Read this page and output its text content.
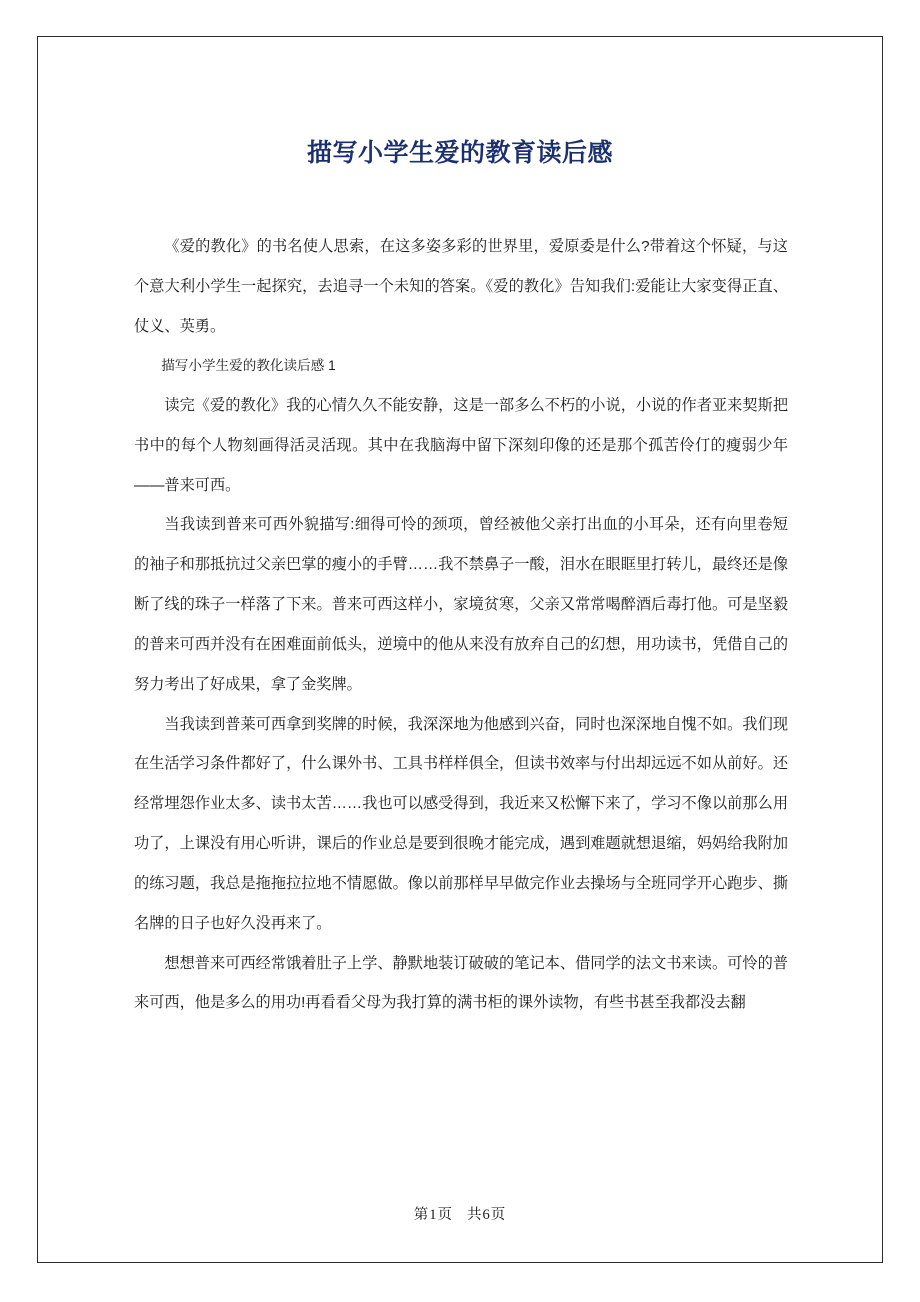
描写小学生爱的教育读后感

《爱的教化》的书名使人思索，在这多姿多彩的世界里，爱原委是什么?带着这个怀疑，与这个意大利小学生一起探究，去追寻一个未知的答案。《爱的教化》告知我们:爱能让大家变得正直、仗义、英勇。

描写小学生爱的教化读后感 1

读完《爱的教化》我的心情久久不能安静，这是一部多么不朽的小说，小说的作者亚来契斯把书中的每个人物刻画得活灵活现。其中在我脑海中留下深刻印像的还是那个孤苦伶仃的瘦弱少年——普来可西。

当我读到普来可西外貌描写:细得可怜的颈项，曾经被他父亲打出血的小耳朵，还有向里卷短的袖子和那抵抗过父亲巴掌的瘦小的手臂……我不禁鼻子一酸，泪水在眼眶里打转儿，最终还是像断了线的珠子一样落了下来。普来可西这样小，家境贫寒，父亲又常常喝醉酒后毒打他。可是坚毅的普来可西并没有在困难面前低头，逆境中的他从来没有放弃自己的幻想，用功读书，凭借自己的努力考出了好成果，拿了金奖牌。

当我读到普莱可西拿到奖牌的时候，我深深地为他感到兴奋，同时也深深地自愧不如。我们现在生活学习条件都好了，什么课外书、工具书样样俱全，但读书效率与付出却远远不如从前好。还经常埋怨作业太多、读书太苦……我也可以感受得到，我近来又松懈下来了，学习不像以前那么用功了，上课没有用心听讲，课后的作业总是要到很晚才能完成，遇到难题就想退缩，妈妈给我附加的练习题，我总是拖拖拉拉地不情愿做。像以前那样早早做完作业去操场与全班同学开心跑步、撕名牌的日子也好久没再来了。

想想普来可西经常饿着肚子上学、静默地装订破破的笔记本、借同学的法文书来读。可怜的普来可西，他是多么的用功!再看看父母为我打算的满书柜的课外读物，有些书甚至我都没去翻

第1页 共6页
